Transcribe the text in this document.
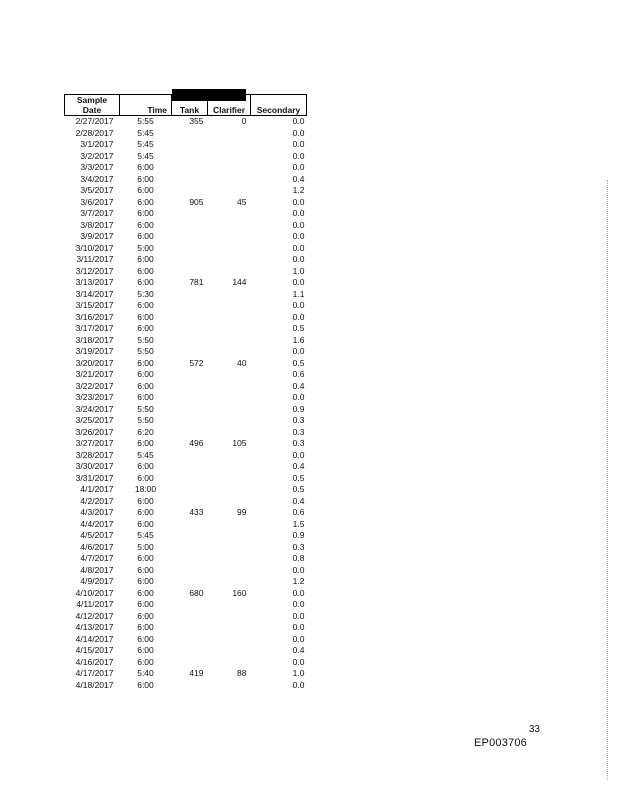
Sample Date	Time	Tank	Clarifier	Secondary
2/27/2017	5:55	355	0	0.0
2/28/2017	5:45			0.0
3/1/2017	5:45			0.0
3/2/2017	5:45			0.0
3/3/2017	6:00			0.0
3/4/2017	6:00			0.4
3/5/2017	6:00			1.2
3/6/2017	6:00	905	45	0.0
3/7/2017	6:00			0.0
3/8/2017	6:00			0.0
3/9/2017	6:00			0.0
3/10/2017	5:00			0.0
3/11/2017	6:00			0.0
3/12/2017	6:00			1.0
3/13/2017	6:00	781	144	0.0
3/14/2017	5:30			1.1
3/15/2017	6:00			0.0
3/16/2017	6:00			0.0
3/17/2017	6:00			0.5
3/18/2017	5:50			1.6
3/19/2017	5:50			0.0
3/20/2017	6:00	572	40	0.5
3/21/2017	6:00			0.6
3/22/2017	6:00			0.4
3/23/2017	6:00			0.0
3/24/2017	5:50			0.9
3/25/2017	5:50			0.3
3/26/2017	6:20			0.3
3/27/2017	6:00	496	105	0.3
3/28/2017	5:45			0.0
3/30/2017	6:00			0.4
3/31/2017	6:00			0.5
4/1/2017	18:00			0.5
4/2/2017	6:00			0.4
4/3/2017	6:00	433	99	0.6
4/4/2017	6:00			1.5
4/5/2017	5:45			0.9
4/6/2017	5:00			0.3
4/7/2017	6:00			0.8
4/8/2017	6:00			0.0
4/9/2017	6:00			1.2
4/10/2017	6:00	680	160	0.0
4/11/2017	6:00			0.0
4/12/2017	6:00			0.0
4/13/2017	6:00			0.0
4/14/2017	6:00			0.0
4/15/2017	6:00			0.4
4/16/2017	6:00			0.0
4/17/2017	5:40	419	88	1.0
4/18/2017	6:00			0.0
33
EP003706
